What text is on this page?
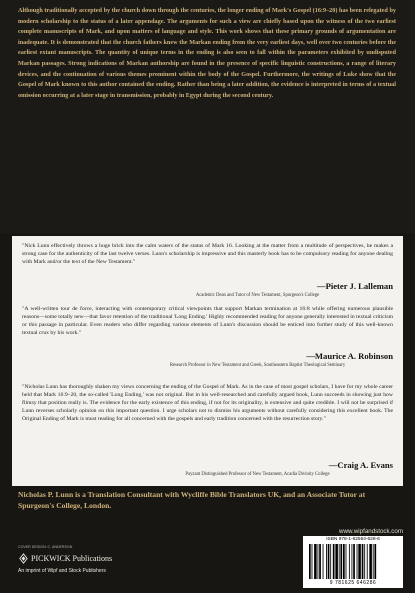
Although traditionally accepted by the church down through the centuries, the longer ending of Mark's Gospel (16:9–20) has been relegated by modern scholarship to the status of a later appendage. The arguments for such a view are chiefly based upon the witness of the two earliest complete manuscripts of Mark, and upon matters of language and style. This work shows that these primary grounds of argumentation are inadequate. It is demonstrated that the church fathers knew the Markan ending from the very earliest days, well over two centuries before the earliest extant manuscripts. The quantity of unique terms in the ending is also seen to fall within the parameters exhibited by undisputed Markan passages. Strong indications of Markan authorship are found in the presence of specific linguistic constructions, a range of literary devices, and the continuation of various themes prominent within the body of the Gospel. Furthermore, the writings of Luke show that the Gospel of Mark known to this author contained the ending. Rather than being a later addition, the evidence is interpreted in terms of a textual omission occurring at a later stage in transmission, probably in Egypt during the second century.
"Nick Lunn effectively throws a huge brick into the calm waters of the status of Mark 16. Looking at the matter from a multitude of perspectives, he makes a strong case for the authenticity of the last twelve verses. Lunn's scholarship is impressive and this masterly book has to be compulsory reading for anyone dealing with Mark and/or the text of the New Testament."
—Pieter J. Lalleman
Academic Dean and Tutor of New Testament, Spurgeon's College
"A well-written tour de force, interacting with contemporary critical viewpoints that support Markan termination at 16:8 while offering numerous plausible reasons—some totally new—that favor retention of the traditional 'Long Ending.' Highly recommended reading for anyone generally interested in textual criticism or this passage in particular. Even readers who differ regarding various elements of Lunn's discussion should be enticed into further study of this well-known textual crux by his work."
—Maurice A. Robinson
Research Professor in New Testament and Greek, Southeastern Baptist Theological Seminary
"Nicholas Lunn has thoroughly shaken my views concerning the ending of the Gospel of Mark. As in the case of most gospel scholars, I have for my whole career held that Mark 16:9–20, the so-called 'Long Ending,' was not original. But in his well-researched and carefully argued book, Lunn succeeds in showing just how flimsy that position really is. The evidence for the early existence of this ending, if not for its originality, is extensive and quite credible. I will not be surprised if Lunn reverses scholarly opinion on this important question. I urge scholars not to dismiss his arguments without carefully considering this excellent book. The Original Ending of Mark is must reading for all concerned with the gospels and early tradition concerned with the resurrection story."
—Craig A. Evans
Payzant Distinguished Professor of New Testament, Acadia Divinity College
Nicholas P. Lunn is a Translation Consultant with Wycliffe Bible Translators UK, and an Associate Tutor at Spurgeon's College, London.
www.wipfandstock.com
ISBN 978-1-62564-628-6
9 781625 646286
COVER DESIGN: C. ANDERSON
PICKWICK Publications
An imprint of Wipf and Stock Publishers
